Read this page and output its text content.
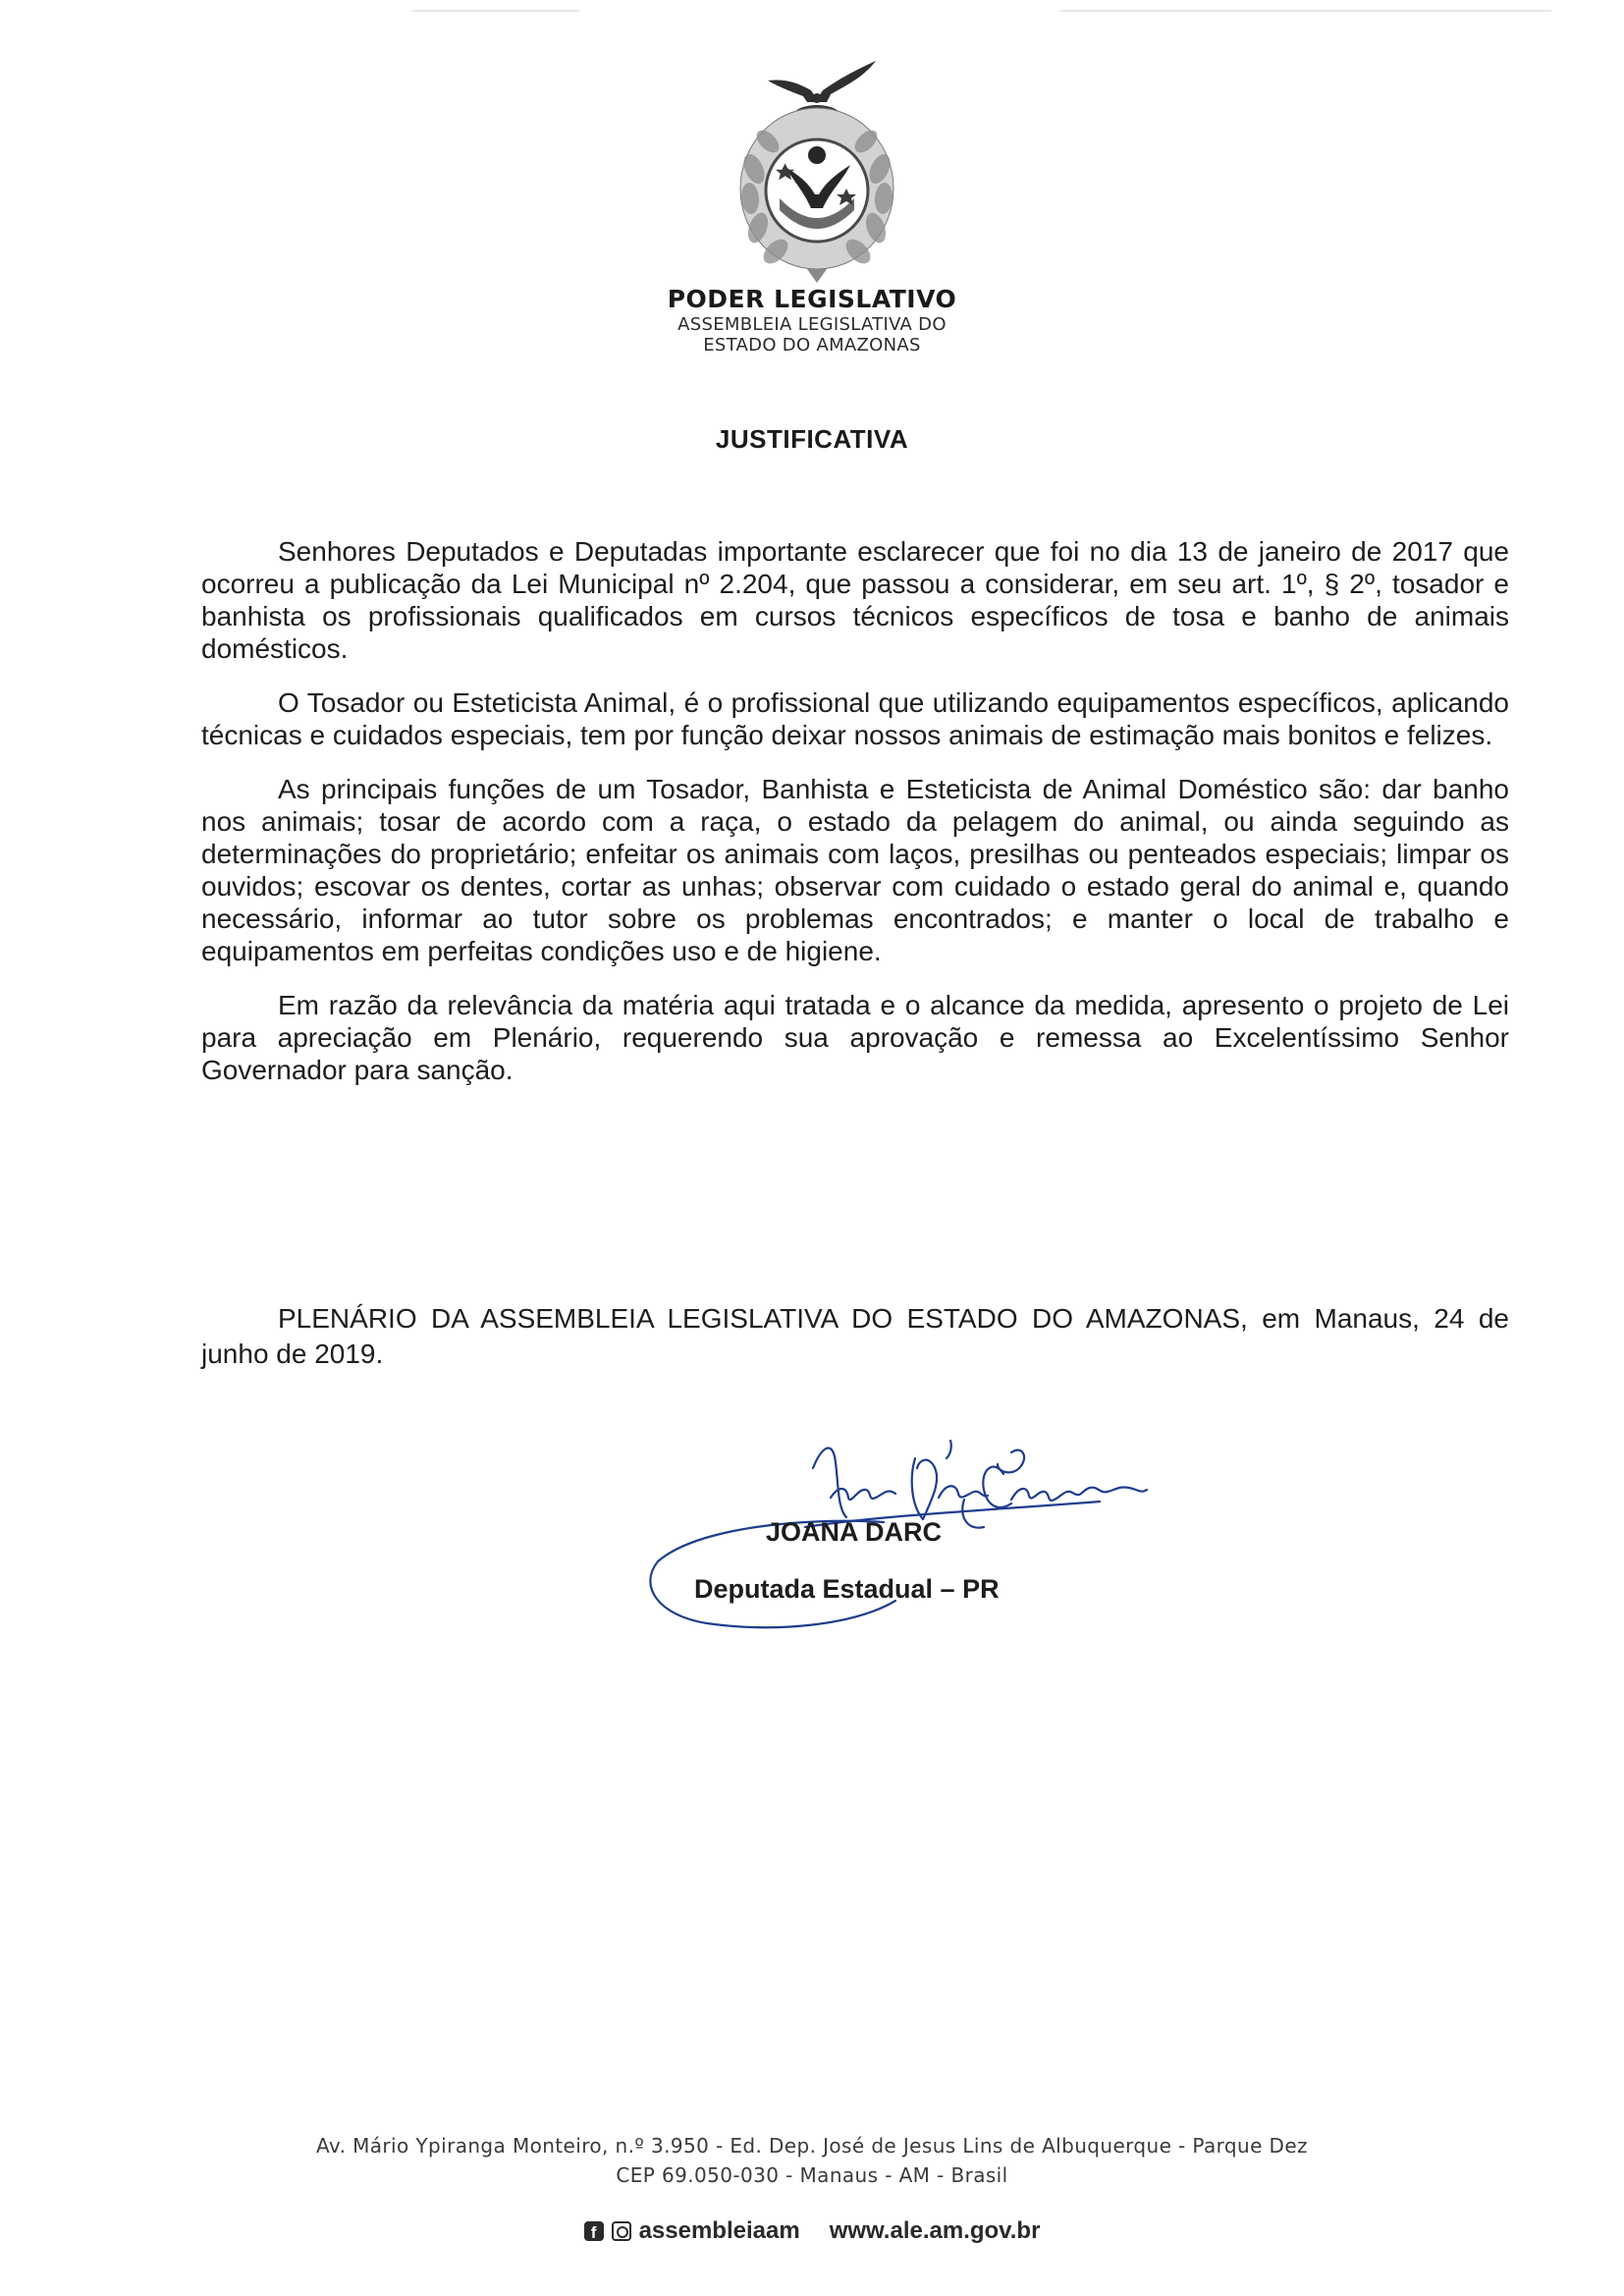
PODER LEGISLATIVO
ASSEMBLEIA LEGISLATIVA DO
ESTADO DO AMAZONAS
JUSTIFICATIVA

Senhores Deputados e Deputadas importante esclarecer que foi no dia 13 de janeiro de 2017 que ocorreu a publicação da Lei Municipal nº 2.204, que passou a considerar, em seu art. 1º, § 2º, tosador e banhista os profissionais qualificados em cursos técnicos específicos de tosa e banho de animais domésticos.

O Tosador ou Esteticista Animal, é o profissional que utilizando equipamentos específicos, aplicando técnicas e cuidados especiais, tem por função deixar nossos animais de estimação mais bonitos e felizes.

As principais funções de um Tosador, Banhista e Esteticista de Animal Doméstico são: dar banho nos animais; tosar de acordo com a raça, o estado da pelagem do animal, ou ainda seguindo as determinações do proprietário; enfeitar os animais com laços, presilhas ou penteados especiais; limpar os ouvidos; escovar os dentes, cortar as unhas; observar com cuidado o estado geral do animal e, quando necessário, informar ao tutor sobre os problemas encontrados; e manter o local de trabalho e equipamentos em perfeitas condições uso e de higiene.

Em razão da relevância da matéria aqui tratada e o alcance da medida, apresento o projeto de Lei para apreciação em Plenário, requerendo sua aprovação e remessa ao Excelentíssimo Senhor Governador para sanção.

PLENÁRIO DA ASSEMBLEIA LEGISLATIVA DO ESTADO DO AMAZONAS, em Manaus, 24 de junho de 2019.

JOANA DARC
Deputada Estadual – PR
Av. Mário Ypiranga Monteiro, n.º 3.950 - Ed. Dep. José de Jesus Lins de Albuquerque - Parque Dez
CEP 69.050-030 - Manaus - AM - Brasil
f assembleiaam www.ale.am.gov.br
